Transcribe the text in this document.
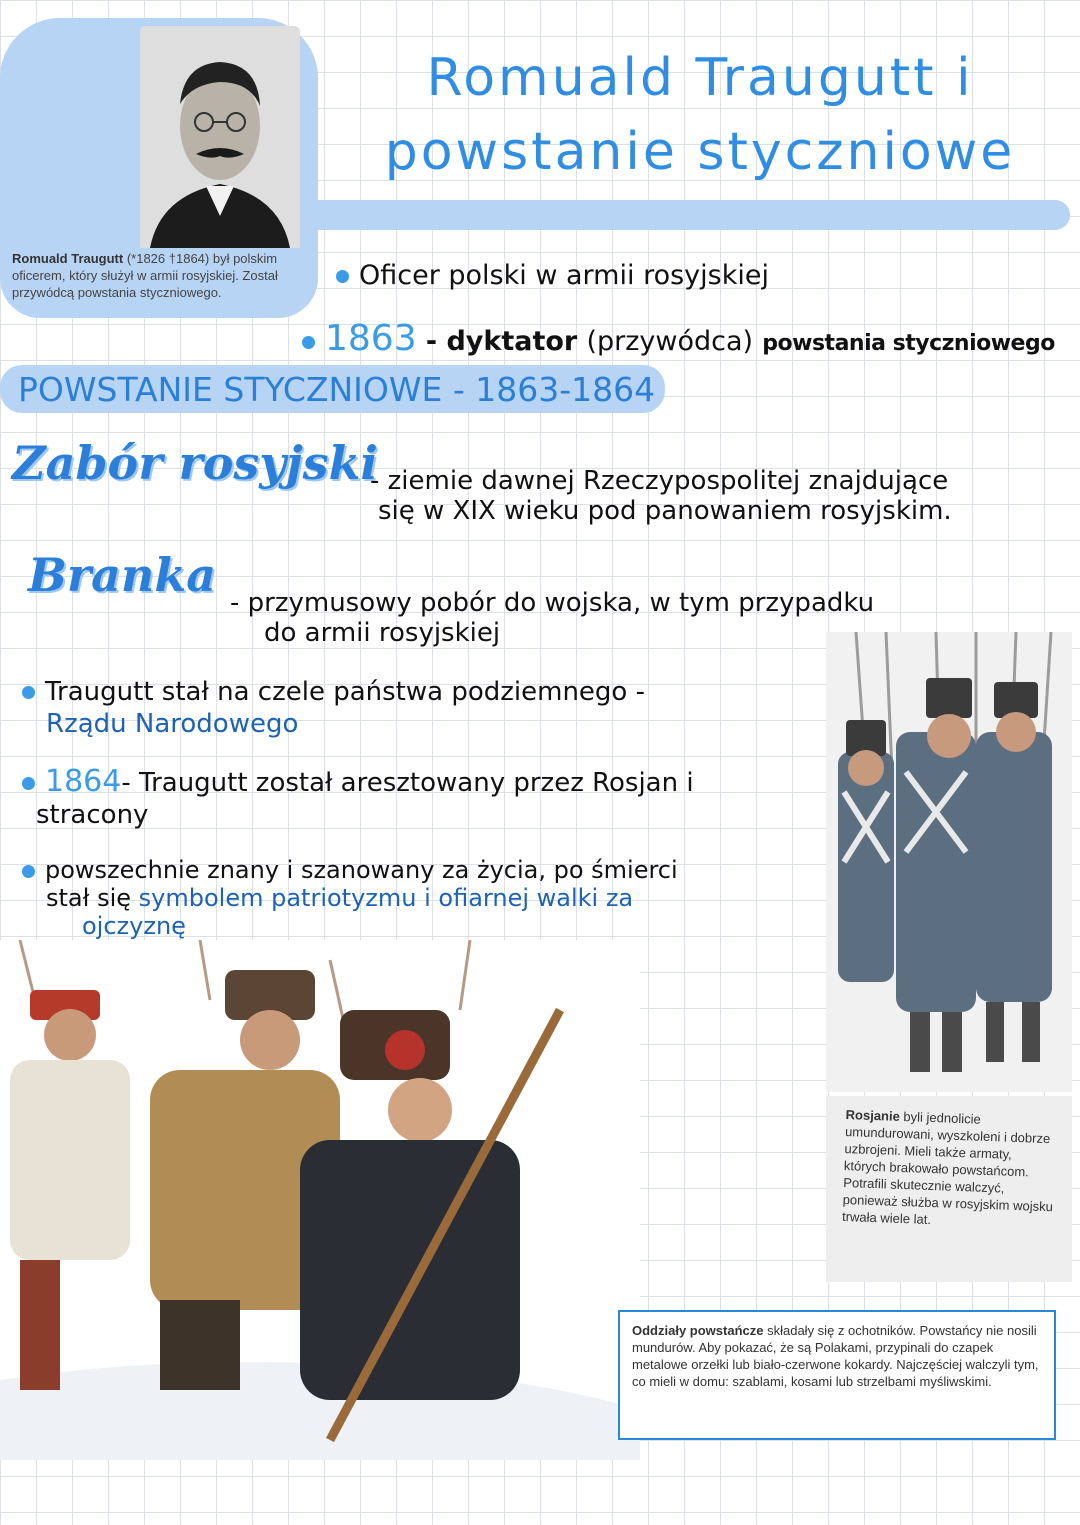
Romuald Traugutt (*1826 †1864) był polskim oficerem, który służył w armii rosyjskiej. Został przywódcą powstania styczniowego.

Romuald Traugutt i
powstanie styczniowe
Oficer polski w armii rosyjskiej
1863 - dyktator (przywódca) powstania styczniowego
POWSTANIE STYCZNIOWE - 1863-1864
Zabór rosyjski
- ziemie dawnej Rzeczypospolitej znajdujące
się w XIX wieku pod panowaniem rosyjskim.
Branka
- przymusowy pobór do wojska, w tym przypadku
do armii rosyjskiej
Traugutt stał na czele państwa podziemnego -
Rządu Narodowego
1864- Traugutt został aresztowany przez Rosjan i
stracony
powszechnie znany i szanowany za życia, po śmierci
stał się symbolem patriotyzmu i ofiarnej walki za
ojczyznę

Rosjanie byli jednolicie umundurowani, wyszkoleni i dobrze uzbrojeni. Mieli także armaty, których brakowało powstańcom. Potrafili skutecznie walczyć, ponieważ służba w rosyjskim wojsku trwała wiele lat.

Oddziały powstańcze składały się z ochotników. Powstańcy nie nosili mundurów. Aby pokazać, że są Polakami, przypinali do czapek metalowe orzełki lub biało-czerwone kokardy. Najczęściej walczyli tym, co mieli w domu: szablami, kosami lub strzelbami myśliwskimi.
